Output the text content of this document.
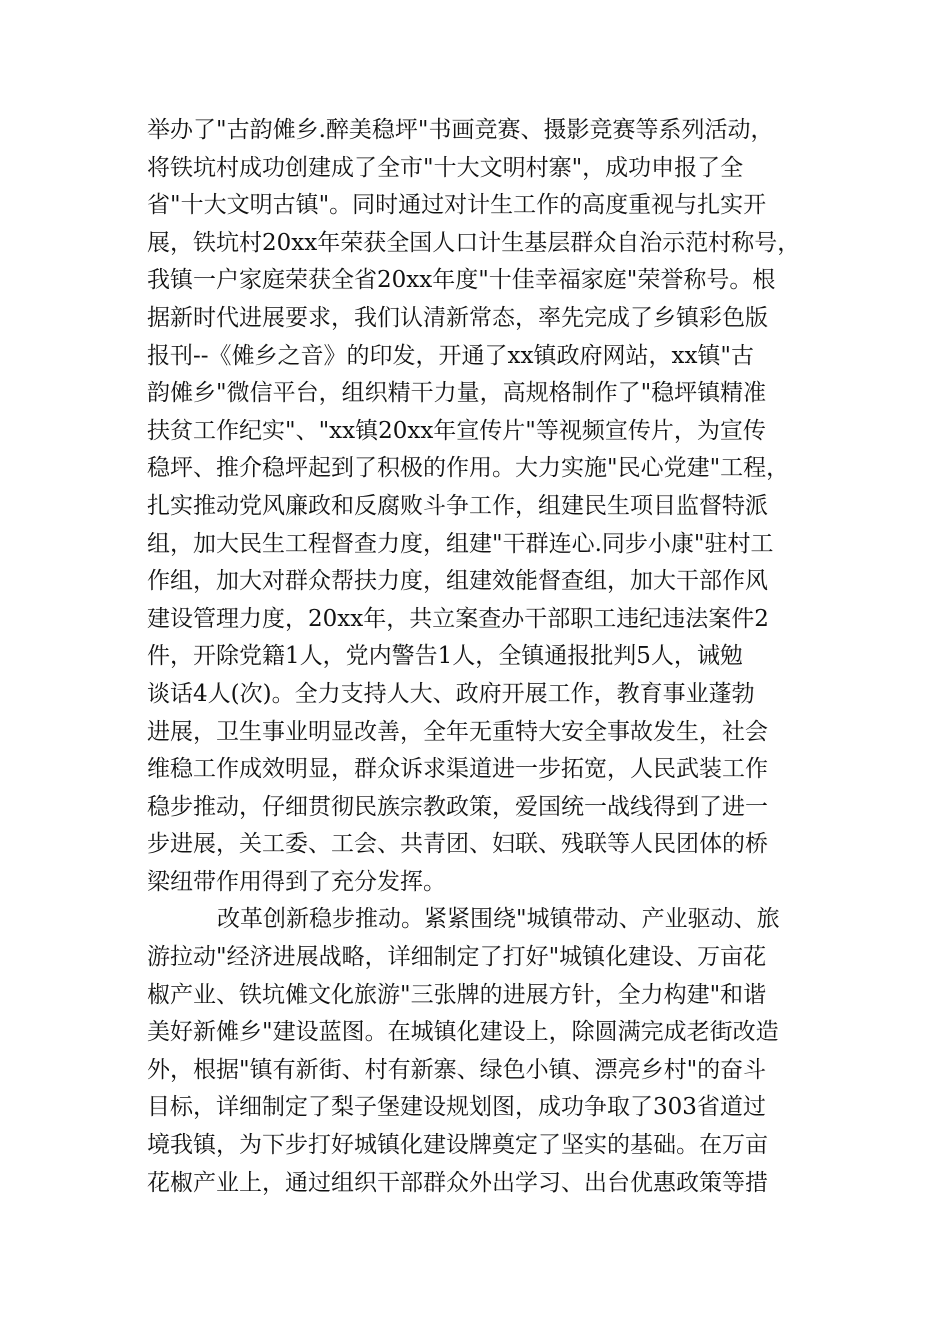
举办了"古韵傩乡.醉美稳坪"书画竞赛、摄影竞赛等系列活动，
将铁坑村成功创建成了全市"十大文明村寨"，成功申报了全
省"十大文明古镇"。同时通过对计生工作的高度重视与扎实开
展，铁坑村20xx年荣获全国人口计生基层群众自治示范村称号，
我镇一户家庭荣获全省20xx年度"十佳幸福家庭"荣誉称号。根
据新时代进展要求，我们认清新常态，率先完成了乡镇彩色版
报刊--《傩乡之音》的印发，开通了xx镇政府网站，xx镇"古
韵傩乡"微信平台，组织精干力量，高规格制作了"稳坪镇精准
扶贫工作纪实"、"xx镇20xx年宣传片"等视频宣传片，为宣传
稳坪、推介稳坪起到了积极的作用。大力实施"民心党建"工程，
扎实推动党风廉政和反腐败斗争工作，组建民生项目监督特派
组，加大民生工程督查力度，组建"干群连心.同步小康"驻村工
作组，加大对群众帮扶力度，组建效能督查组，加大干部作风
建设管理力度，20xx年，共立案查办干部职工违纪违法案件2
件，开除党籍1人，党内警告1人，全镇通报批判5人，诫勉
谈话4人(次)。全力支持人大、政府开展工作，教育事业蓬勃
进展，卫生事业明显改善，全年无重特大安全事故发生，社会
维稳工作成效明显，群众诉求渠道进一步拓宽，人民武装工作
稳步推动，仔细贯彻民族宗教政策，爱国统一战线得到了进一
步进展，关工委、工会、共青团、妇联、残联等人民团体的桥
梁纽带作用得到了充分发挥。
改革创新稳步推动。紧紧围绕"城镇带动、产业驱动、旅
游拉动"经济进展战略，详细制定了打好"城镇化建设、万亩花
椒产业、铁坑傩文化旅游"三张牌的进展方针，全力构建"和谐
美好新傩乡"建设蓝图。在城镇化建设上，除圆满完成老街改造
外，根据"镇有新街、村有新寨、绿色小镇、漂亮乡村"的奋斗
目标，详细制定了梨子堡建设规划图，成功争取了303省道过
境我镇，为下步打好城镇化建设牌奠定了坚实的基础。在万亩
花椒产业上，通过组织干部群众外出学习、出台优惠政策等措
